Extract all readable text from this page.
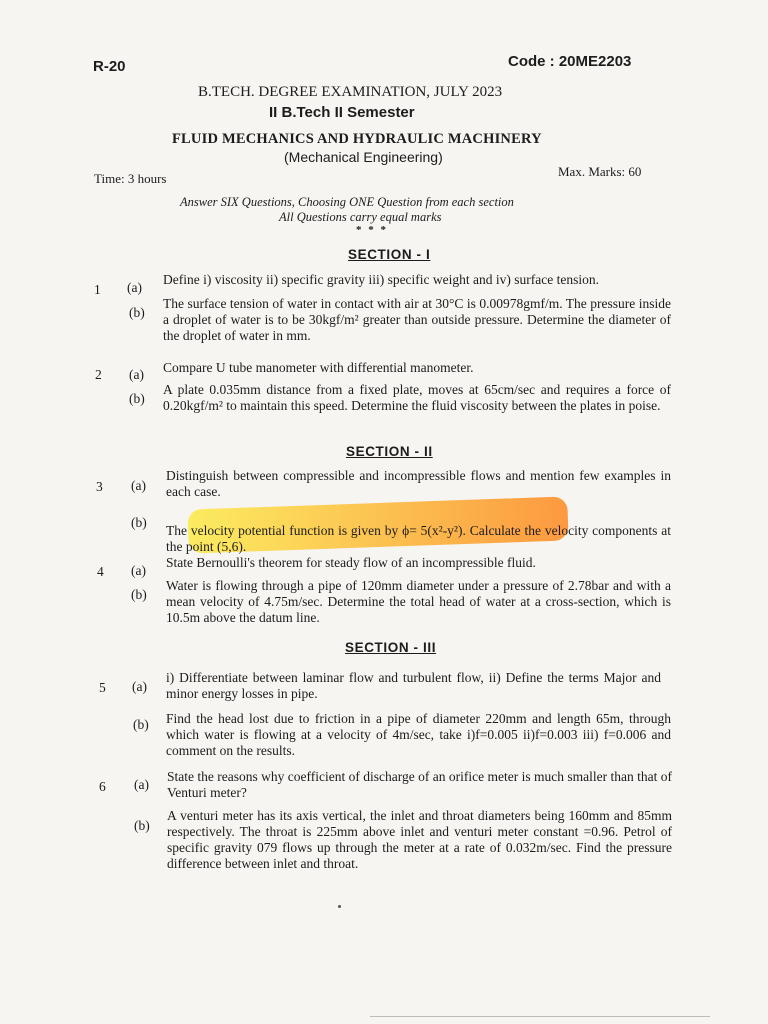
R-20	Code : 20ME2203
B.TECH. DEGREE EXAMINATION, JULY 2023
II B.Tech II Semester
FLUID MECHANICS AND HYDRAULIC MACHINERY
(Mechanical Engineering)
Time: 3 hours	Max. Marks: 60
Answer SIX Questions, Choosing ONE Question from each section
All Questions carry equal marks
* * *
SECTION - I
1 (a)
Define i) viscosity ii) specific gravity iii) specific weight and iv) surface tension.
(b)
The surface tension of water in contact with air at 30°C is 0.00978gmf/m. The pressure inside a droplet of water is to be 30kgf/m² greater than outside pressure. Determine the diameter of the droplet of water in mm.
2 (a) Compare U tube manometer with differential manometer.
(b)
A plate 0.035mm distance from a fixed plate, moves at 65cm/sec and requires a force of 0.20kgf/m² to maintain this speed. Determine the fluid viscosity between the plates in poise.
SECTION - II
3 (a)
Distinguish between compressible and incompressible flows and mention few examples in each case.
(b)
The velocity potential function is given by ϕ= 5(x²-y²). Calculate the velocity components at the point (5,6).
4 (a)
State Bernoulli's theorem for steady flow of an incompressible fluid.
(b)
Water is flowing through a pipe of 120mm diameter under a pressure of 2.78bar and with a mean velocity of 4.75m/sec. Determine the total head of water at a cross-section, which is 10.5m above the datum line.
SECTION - III
5 (a)
i) Differentiate between laminar flow and turbulent flow, ii) Define the terms Major and minor energy losses in pipe.
(b) Find the head lost due to friction in a pipe of diameter 220mm and length 65m, through which water is flowing at a velocity of 4m/sec, take i)f=0.005 ii)f=0.003 iii) f=0.006 and comment on the results.
6 (a)
State the reasons why coefficient of discharge of an orifice meter is much smaller than that of Venturi meter?
(b)
A venturi meter has its axis vertical, the inlet and throat diameters being 160mm and 85mm respectively. The throat is 225mm above inlet and venturi meter constant =0.96. Petrol of specific gravity 079 flows up through the meter at a rate of 0.032m/sec. Find the pressure difference between inlet and throat.
